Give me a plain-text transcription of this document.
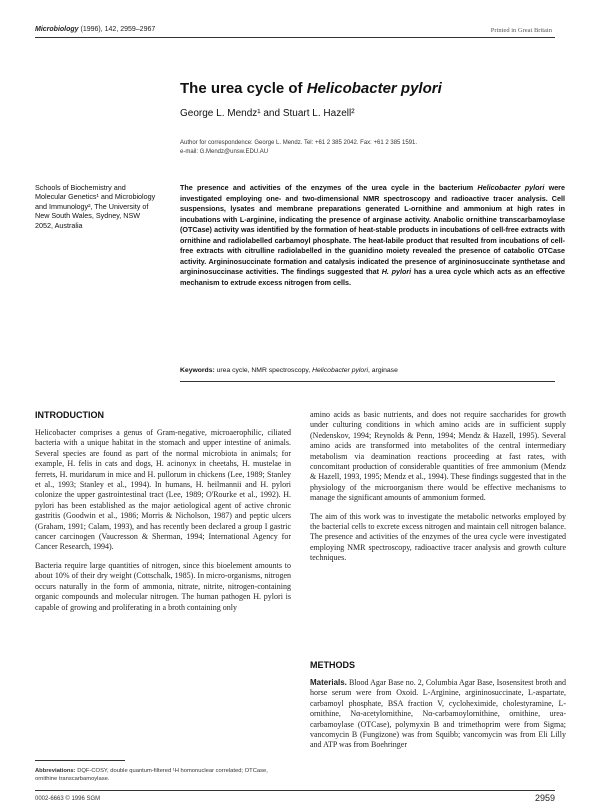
Microbiology (1996), 142, 2959–2967	Printed in Great Britain
The urea cycle of Helicobacter pylori
George L. Mendz¹ and Stuart L. Hazell²
Author for correspondence: George L. Mendz. Tel: +61 2 385 2042. Fax: +61 2 385 1591.
e-mail: G.Mendz@unsw.EDU.AU
Schools of Biochemistry and Molecular Genetics¹ and Microbiology and Immunology², The University of New South Wales, Sydney, NSW 2052, Australia
The presence and activities of the enzymes of the urea cycle in the bacterium Helicobacter pylori were investigated employing one- and two-dimensional NMR spectroscopy and radioactive tracer analysis. Cell suspensions, lysates and membrane preparations generated L-ornithine and ammonium at high rates in incubations with L-arginine, indicating the presence of arginase activity. Anabolic ornithine transcarbamoylase (OTCase) activity was identified by the formation of heat-stable products in incubations of cell-free extracts with ornithine and radiolabelled carbamoyl phosphate. The heat-labile product that resulted from incubations of cell-free extracts with citrulline radiolabelled in the guanidino moiety revealed the presence of catabolic OTCase activity. Argininosuccinate formation and catalysis indicated the presence of argininosuccinate synthetase and argininosuccinase activities. The findings suggested that H. pylori has a urea cycle which acts as an effective mechanism to extrude excess nitrogen from cells.
Keywords: urea cycle, NMR spectroscopy, Helicobacter pylori, arginase
INTRODUCTION

Helicobacter comprises a genus of Gram-negative, microaerophilic, ciliated bacteria with a unique habitat in the stomach and upper intestine of animals. Several species are found as part of the normal microbiota in animals; for example, H. felis in cats and dogs, H. acinonyx in cheetahs, H. mustelae in ferrets, H. muridarum in mice and H. pullorum in chickens (Lee, 1989; Stanley et al., 1993; Stanley et al., 1994). In humans, H. heilmannii and H. pylori colonize the upper gastrointestinal tract (Lee, 1989; O'Rourke et al., 1992). H. pylori has been established as the major aetiological agent of active chronic gastritis (Goodwin et al., 1986; Morris & Nicholson, 1987) and peptic ulcers (Graham, 1991; Calam, 1993), and has recently been declared a group I gastric cancer carcinogen (Vaucresson & Sherman, 1994; International Agency for Cancer Research, 1994).

Bacteria require large quantities of nitrogen, since this bioelement amounts to about 10% of their dry weight (Cottschalk, 1985). In micro-organisms, nitrogen occurs naturally in the form of ammonia, nitrate, nitrite, nitrogen-containing organic compounds and molecular nitrogen. The human pathogen H. pylori is capable of growing and proliferating in a broth containing only

Abbreviations: DQF-COSY, double quantum-filtered ¹H homonuclear correlated; OTCase, ornithine transcarbamoylase.

amino acids as basic nutrients, and does not require saccharides for growth under culturing conditions in which amino acids are in sufficient supply (Nedenskov, 1994; Reynolds & Penn, 1994; Mendz & Hazell, 1995). Several amino acids are transformed into metabolites of the central intermediary metabolism via deamination reactions proceeding at fast rates, with concomitant production of considerable quantities of free ammonium (Mendz & Hazell, 1993, 1995; Mendz et al., 1994). These findings suggested that in the physiology of the microorganism there would be effective mechanisms to manage the significant amounts of ammonium formed.

The aim of this work was to investigate the metabolic networks employed by the bacterial cells to excrete excess nitrogen and maintain cell nitrogen balance. The presence and activities of the enzymes of the urea cycle were investigated employing NMR spectroscopy, radioactive tracer analysis and growth culture techniques.

METHODS

Materials. Blood Agar Base no. 2, Columbia Agar Base, Isosensitest broth and horse serum were from Oxoid. L-Arginine, argininosuccinate, L-aspartate, carbamoyl phosphate, BSA fraction V, cycloheximide, cholestyramine, L-ornithine, Nα-acetylornithine, Nα-carbamoylornithine, ornithine, urea-carbamoylase (OTCase), polymyxin B and trimethoprim were from Sigma; vancomycin B (Fungizone) was from Squibb; vancomycin was from Eli Lilly and ATP was from Boehringer

0002-6663 © 1996 SGM	2959
